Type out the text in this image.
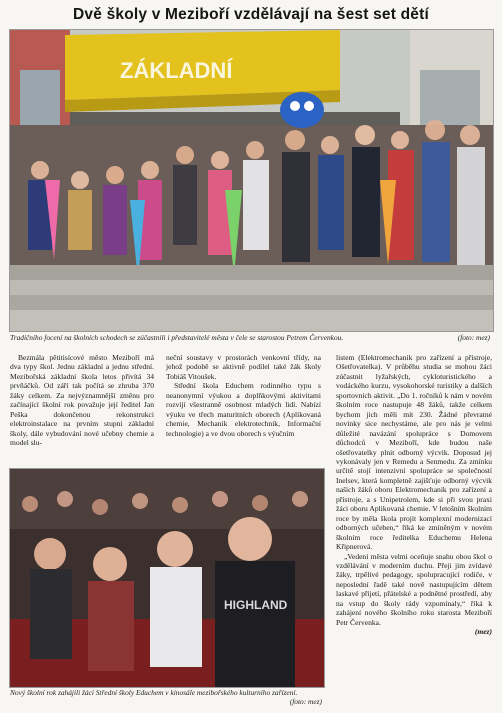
Dvě školy v Meziboří vzdělávají na šest set dětí
ZÁKLADNÍ
Tradičního focení na školních schodech se zúčastnili i představitelé města v čele se starostou Petrem Červenkou.	(foto: mez)

Bezmála pětitisícové město Meziboří má dva typy škol. Jednu základní a jednu střední. Mezibořská základní škola letos přivítá 34 prvňáčků. Od září tak počítá se zhruba 370 žáky celkem. Za nejvýznamnější změnu pro začínající školní rok považuje její ředitel Jan Peška dokončenou rekonstrukci elektroinstalace na prvním stupni základní školy, dále vybudování nové učebny chemie a model slu-

neční soustavy v prostorách venkovní třídy, na jehož podobě se aktivně podílel také žák školy Tobiáš Vitoušek.

Střední škola Educhem rodinného typu s neanonymní výukou a doplňkovými aktivitami rozvíjí všestranně osobnost mladých lidí. Nabízí výuku ve třech maturitních oborech (Aplikovaná chemie, Mechanik elektrotechnik, Informační technologie) a ve dvou oborech s výučním

listem (Elektromechanik pro zařízení a přístroje, Ošetřovatelka). V průběhu studia se mohou žáci zúčastnit lyžařských, cykloturistického a vodáckého kurzu, vysokohorské turistiky a dalších sportovních aktivit. „Do 1. ročníků k nám v novém školním roce nastupuje 48 žáků, takže celkem bychom jich měli mít 230. Žádné převratné novinky sice nechystáme, ale pro nás je velmi důležité navázání spolupráce s Domovem důchodců v Meziboří, kde budou naše ošetřovatelky plnit odborný výcvik. Doposud jej vykonávaly jen v Remedu a Senmedu. Za zmínku určitě stojí intenzivní spolupráce se společností Inelsev, která kompletně zajišťuje odborný výcvik našich žáků oboru Elektromechanik pro zařízení a přístroje, a s Unipetrolem, kde si při svou praxi žáci oboru Aplikovaná chemie. V letošním školním roce by měla škola projít komplexní modernizací odborných učeben,“ říká ke zmíněným v novém školním roce ředitelka Educhemu Helena Křipnerová.

„Vedení města velmi oceňuje snahu obou škol o vzdělávání v moderním duchu. Přeji jim zvídavé žáky, trpělivé pedagogy, spolupracující rodiče, v neposlední řadě také nově nastupujícím dětem laskavé přijetí, přátelské a podnětné prostředí, aby na vstup do školy rády vzpomínaly,“ říká k zahájení nového školního roku starosta Meziboří Petr Červenka.

(mez)
HIGHLAND
Nový školní rok zahájili žáci Střední školy Educhem v kinosále mezibořského kulturního zařízení.
(foto: mez)
